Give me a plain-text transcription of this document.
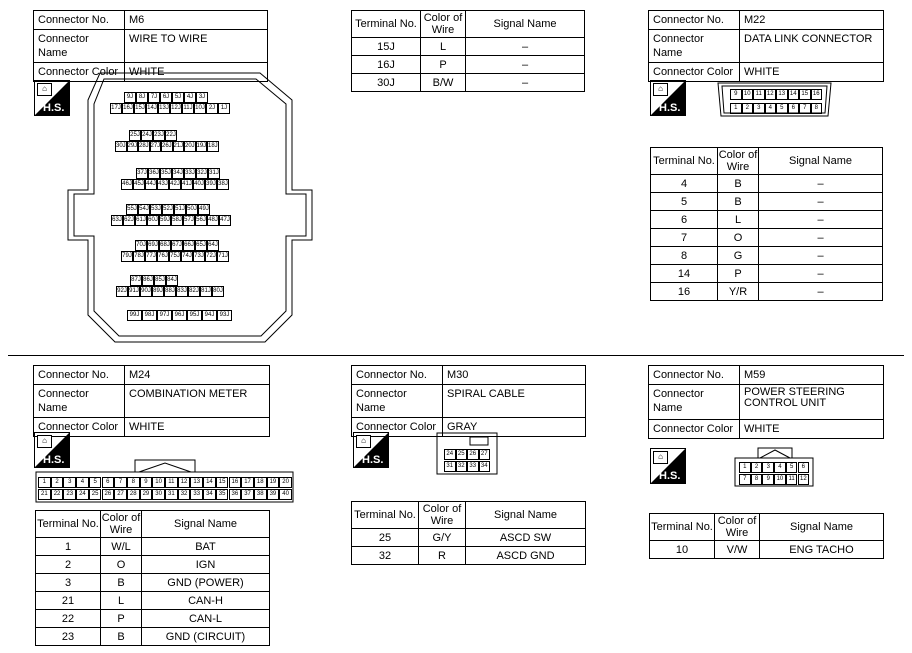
Connector No.	M6
Connector Name	WIRE TO WIRE
Connector Color	WHITE
⌂
H.S.
9J 8J 7J 6J 5J 4J 3J
17J 16J 15J 14J 13J 12J 11J 10J 2J 1J
25J 24J 23J 22J
30J 29J 28J 27J 26J 21J 20J 19J 18J
37J 36J 35J 34J 33J 32J 31J
46J 45J 44J 43J 42J 41J 40J 39J 38J
55J 54J 53J 52J 51J 50J 49J
63J 62J 61J 60J 59J 58J 57J 56J 48J 47J
70J 69J 68J 67J 66J 65J 64J
79J 78J 77J 76J 75J 74J 73J 72J 71J
87J 86J 85J 84J
92J 91J 90J 89J 88J 83J 82J 81J 80J
99J 98J 97J 96J 95J 94J 93J
Terminal No.	Color of Wire	Signal Name
15J	L	–
16J	P	–
30J	B/W	–
Connector No.	M22
Connector Name	DATA LINK CONNECTOR
Connector Color	WHITE
⌂
H.S.
9	10 11 12 13 14 15 16
1	2	3	4	5	6	7	8
Terminal No.	Color of Wire	Signal Name
4	B	–
5	B	–
6	L	–
7	O	–
8	G	–
14	P	–
16	Y/R	–
Connector No.	M24
Connector Name	COMBINATION METER
Connector Color	WHITE
⌂
H.S.
1	2	3	4	5	6	7	8	9	10	11	12	13	14	15	16	17	18	19	20
21	22	23	24	25	26	27	28	29	30	31	32	33	34	35	36	37	38	39	40
Terminal No.	Color of Wire	Signal Name
1	W/L	BAT
2	O	IGN
3	B	GND (POWER)
21	L	CAN-H
22	P	CAN-L
23	B	GND (CIRCUIT)
Connector No.	M30
Connector Name	SPIRAL CABLE
Connector Color	GRAY
⌂
H.S.	24 25 26 27
31 32 33 34
Terminal No.	Color of Wire	Signal Name
25	G/Y	ASCD SW
32	R	ASCD GND
Connector No.	M59
Connector Name	POWER STEERING CONTROL UNIT
Connector Color	WHITE
⌂
H.S.
1	2	3	4	5	6
7	8	9	10 11 12
Terminal No.	Color of Wire	Signal Name
10	V/W	ENG TACHO
